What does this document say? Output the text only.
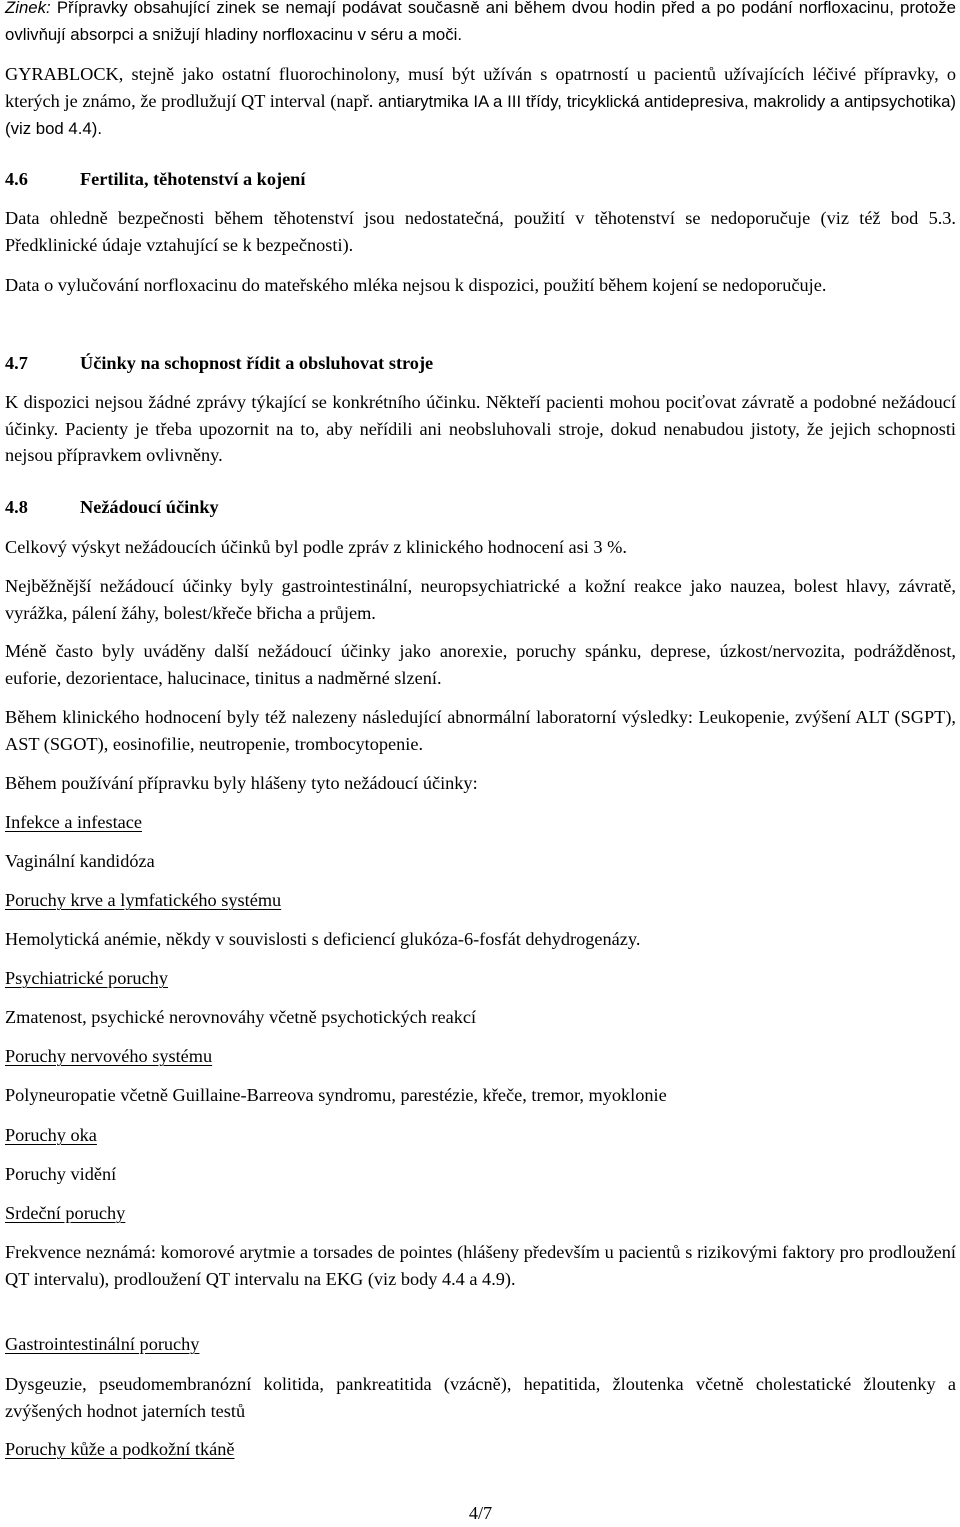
Zinek: Přípravky obsahující zinek se nemají podávat současně ani během dvou hodin před a po podání norfloxacinu, protože ovlivňují absorpci a snižují hladiny norfloxacinu v séru a moči.

GYRABLOCK, stejně jako ostatní fluorochinolony, musí být užíván s opatrností u pacientů užívajících léčivé přípravky, o kterých je známo, že prodlužují QT interval (např. antiarytmika IA a III třídy, tricyklická antidepresiva, makrolidy a antipsychotika) (viz bod 4.4).

4.6	Fertilita, těhotenství a kojení

Data ohledně bezpečnosti během těhotenství jsou nedostatečná, použití v těhotenství se nedoporučuje (viz též bod 5.3. Předklinické údaje vztahující se k bezpečnosti).

Data o vylučování norfloxacinu do mateřského mléka nejsou k dispozici, použití během kojení se nedoporučuje.

4.7	Účinky na schopnost řídit a obsluhovat stroje

K dispozici nejsou žádné zprávy týkající se konkrétního účinku. Někteří pacienti mohou pociťovat závratě a podobné nežádoucí účinky. Pacienty je třeba upozornit na to, aby neřídili ani neobsluhovali stroje, dokud nenabudou jistoty, že jejich schopnosti nejsou přípravkem ovlivněny.

4.8	Nežádoucí účinky

Celkový výskyt nežádoucích účinků byl podle zpráv z klinického hodnocení asi 3 %.

Nejběžnější nežádoucí účinky byly gastrointestinální, neuropsychiatrické a kožní reakce jako nauzea, bolest hlavy, závratě, vyrážka, pálení žáhy, bolest/křeče břicha a průjem.

Méně často byly uváděny další nežádoucí účinky jako anorexie, poruchy spánku, deprese, úzkost/nervozita, podrážděnost, euforie, dezorientace, halucinace, tinitus a nadměrné slzení.

Během klinického hodnocení byly též nalezeny následující abnormální laboratorní výsledky: Leukopenie, zvýšení ALT (SGPT), AST (SGOT), eosinofilie, neutropenie, trombocytopenie.

Během používání přípravku byly hlášeny tyto nežádoucí účinky:

Infekce a infestace
Vaginální kandidóza
Poruchy krve a lymfatického systému
Hemolytická anémie, někdy v souvislosti s deficiencí glukóza-6-fosfát dehydrogenázy.
Psychiatrické poruchy
Zmatenost, psychické nerovnováhy včetně psychotických reakcí
Poruchy nervového systému
Polyneuropatie včetně Guillaine-Barreova syndromu, parestézie, křeče, tremor, myoklonie
Poruchy oka
Poruchy vidění
Srdeční poruchy

Frekvence neznámá: komorové arytmie a torsades de pointes (hlášeny především u pacientů s rizikovými faktory pro prodloužení QT intervalu), prodloužení QT intervalu na EKG (viz body 4.4 a 4.9).

Gastrointestinální poruchy

Dysgeuzie, pseudomembranózní kolitida, pankreatitida (vzácně), hepatitida, žloutenka včetně cholestatické žloutenky a zvýšených hodnot jaterních testů

Poruchy kůže a podkožní tkáně
4/7
